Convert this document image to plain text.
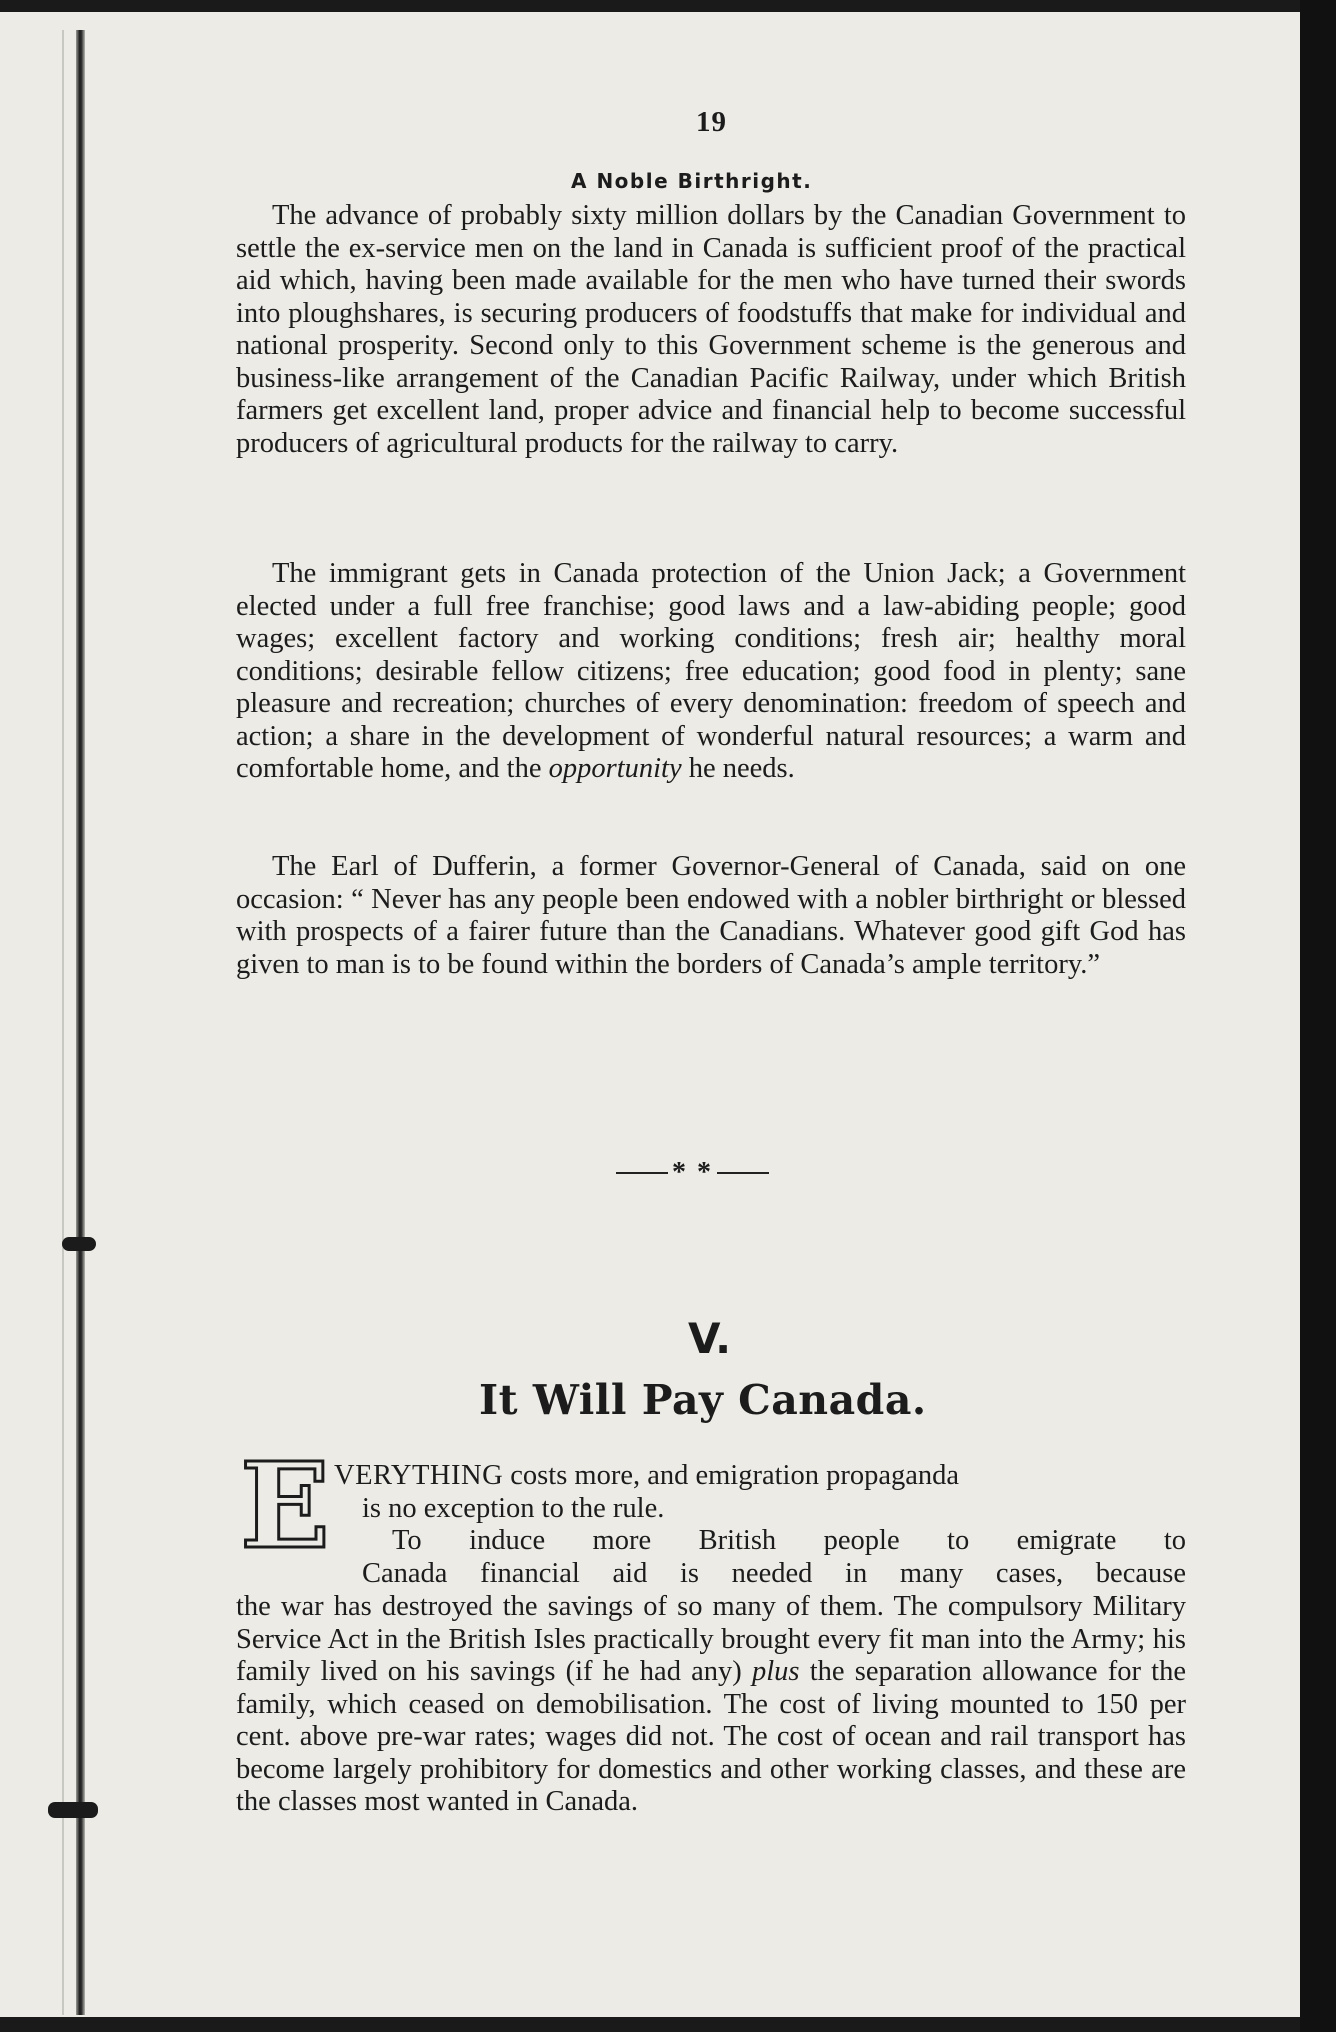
19
A Noble Birthright.

The advance of probably sixty million dollars by the Canadian Government to settle the ex-service men on the land in Canada is sufficient proof of the practical aid which, having been made available for the men who have turned their swords into ploughshares, is securing producers of foodstuffs that make for individual and national prosperity. Second only to this Government scheme is the generous and business-like arrangement of the Canadian Pacific Railway, under which British farmers get excellent land, proper advice and financial help to become successful producers of agricultural products for the railway to carry.

The immigrant gets in Canada protection of the Union Jack; a Government elected under a full free franchise; good laws and a law-abiding people; good wages; excellent factory and working conditions; fresh air; healthy moral conditions; desirable fellow citizens; free education; good food in plenty; sane pleasure and recreation; churches of every denomination: freedom of speech and action; a share in the development of wonderful natural resources; a warm and comfortable home, and the opportunity he needs.

The Earl of Dufferin, a former Governor-General of Canada, said on one occasion: “ Never has any people been endowed with a nobler birthright or blessed with prospects of a fairer future than the Canadians. Whatever good gift God has given to man is to be found within the borders of Canada’s ample territory.”

* *
V.
It Will Pay Canada.
E VERYTHING costs more, and emigration propaganda
is no exception to the rule.
To induce more British people to emigrate to
Canada financial aid is needed in many cases, because

the war has destroyed the savings of so many of them. The compulsory Military Service Act in the British Isles practically brought every fit man into the Army; his family lived on his savings (if he had any) plus the separation allowance for the family, which ceased on demobilisation. The cost of living mounted to 150 per cent. above pre-war rates; wages did not. The cost of ocean and rail transport has become largely prohibitory for domestics and other working classes, and these are the classes most wanted in Canada.
